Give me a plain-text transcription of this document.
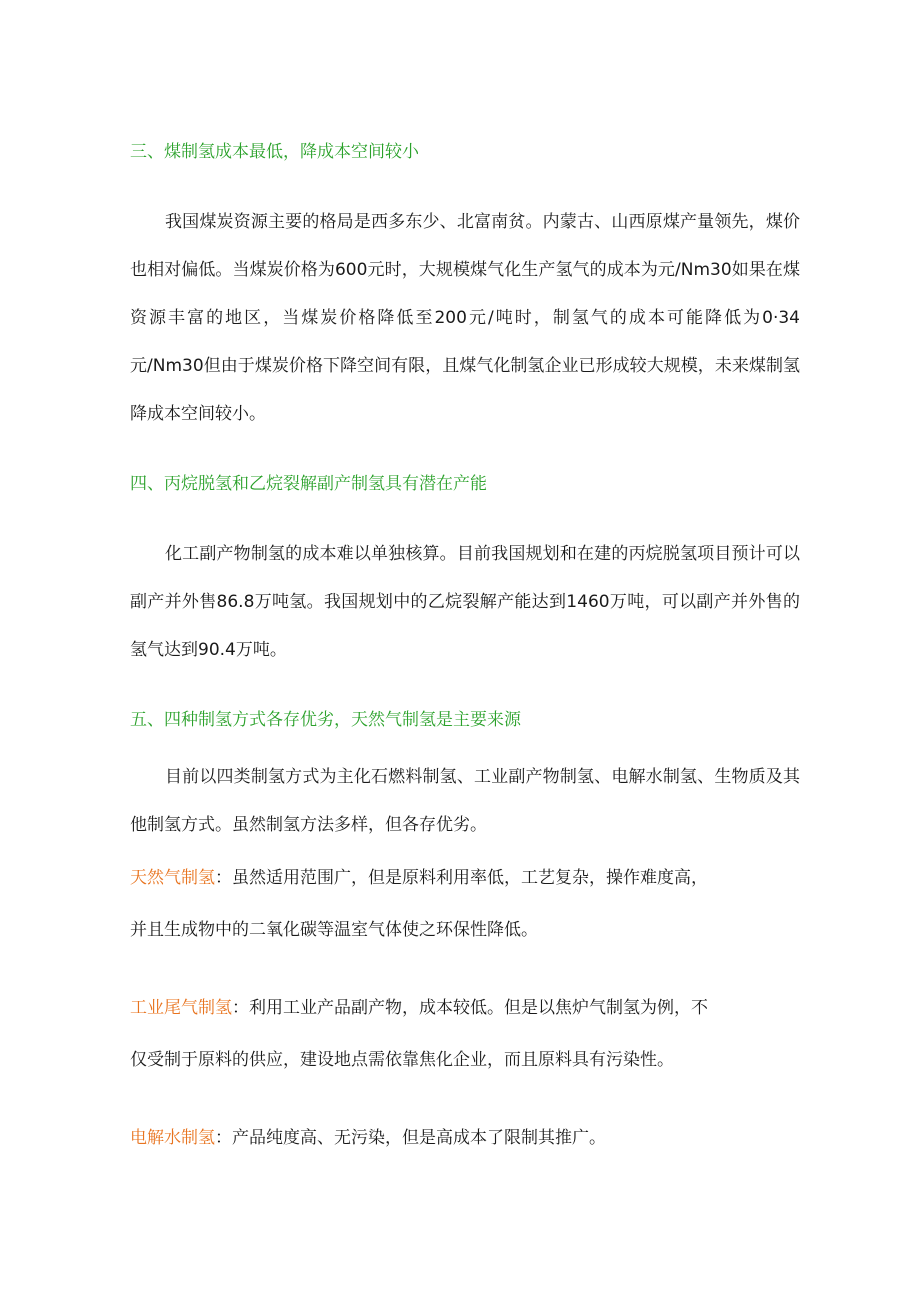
三、煤制氢成本最低，降成本空间较小

我国煤炭资源主要的格局是西多东少、北富南贫。内蒙古、山西原煤产量领先，煤价也相对偏低。当煤炭价格为600元时，大规模煤气化生产氢气的成本为元/Nm30如果在煤资源丰富的地区，当煤炭价格降低至200元/吨时，制氢气的成本可能降低为0·34元/Nm30但由于煤炭价格下降空间有限，且煤气化制氢企业已形成较大规模，未来煤制氢降成本空间较小。

四、丙烷脱氢和乙烷裂解副产制氢具有潜在产能

化工副产物制氢的成本难以单独核算。目前我国规划和在建的丙烷脱氢项目预计可以副产并外售86.8万吨氢。我国规划中的乙烷裂解产能达到1460万吨，可以副产并外售的氢气达到90.4万吨。

五、四种制氢方式各存优劣，天然气制氢是主要来源

目前以四类制氢方式为主化石燃料制氢、工业副产物制氢、电解水制氢、生物质及其他制氢方式。虽然制氢方法多样，但各存优劣。

天然气制氢：虽然适用范围广，但是原料利用率低，工艺复杂，操作难度高，
并且生成物中的二氧化碳等温室气体使之环保性降低。
工业尾气制氢：利用工业产品副产物，成本较低。但是以焦炉气制氢为例，不
仅受制于原料的供应，建设地点需依靠焦化企业，而且原料具有污染性。
电解水制氢：产品纯度高、无污染，但是高成本了限制其推广。
